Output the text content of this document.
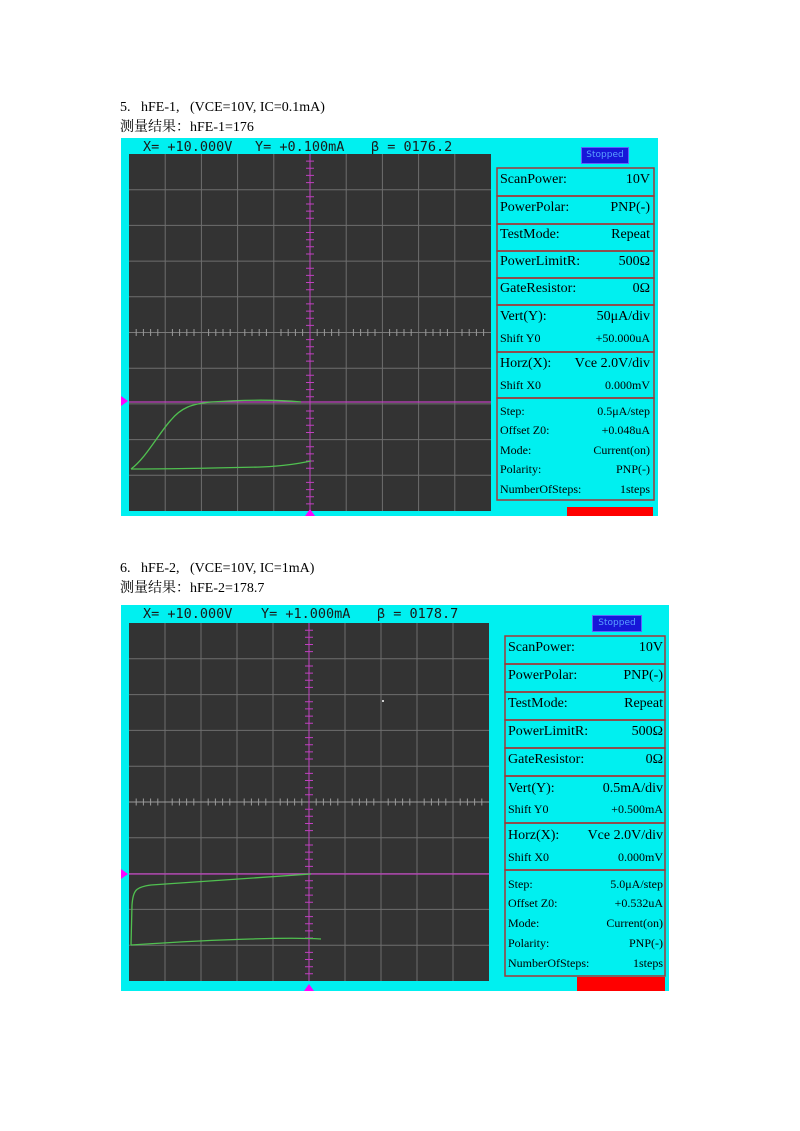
5.   hFE-1,   (VCE=10V, IC=0.1mA)
测量结果：hFE-1=176
X= +10.000V Y= +0.100mA β = 0176.2	Stopped
ScanPower:	10V
PowerPolar:	PNP(-)
TestMode:	Repeat
PowerLimitR:	500Ω
GateResistor:	0Ω
Vert(Y):	50μA/div
Shift Y0	+50.000uA
Horz(X): Vce 2.0V/div
Shift X0	0.000mV
Step:	0.5μA/step
Offset Z0:	+0.048uA
Mode:	Current(on)
Polarity:	PNP(-)
NumberOfSteps:	1steps
6.   hFE-2,   (VCE=10V, IC=1mA)
测量结果：hFE-2=178.7
X= +10.000V Y= +1.000mA β = 0178.7
Stopped
ScanPower:	10V
PowerPolar:	PNP(-)
TestMode:	Repeat
PowerLimitR:	500Ω
GateResistor:	0Ω
Vert(Y):	0.5mA/div
Shift Y0	+0.500mA
Horz(X): Vce 2.0V/div
Shift X0	0.000mV
Step:	5.0μA/step
Offset Z0:	+0.532uA
Mode:	Current(on)
Polarity:	PNP(-)
NumberOfSteps:	1steps
